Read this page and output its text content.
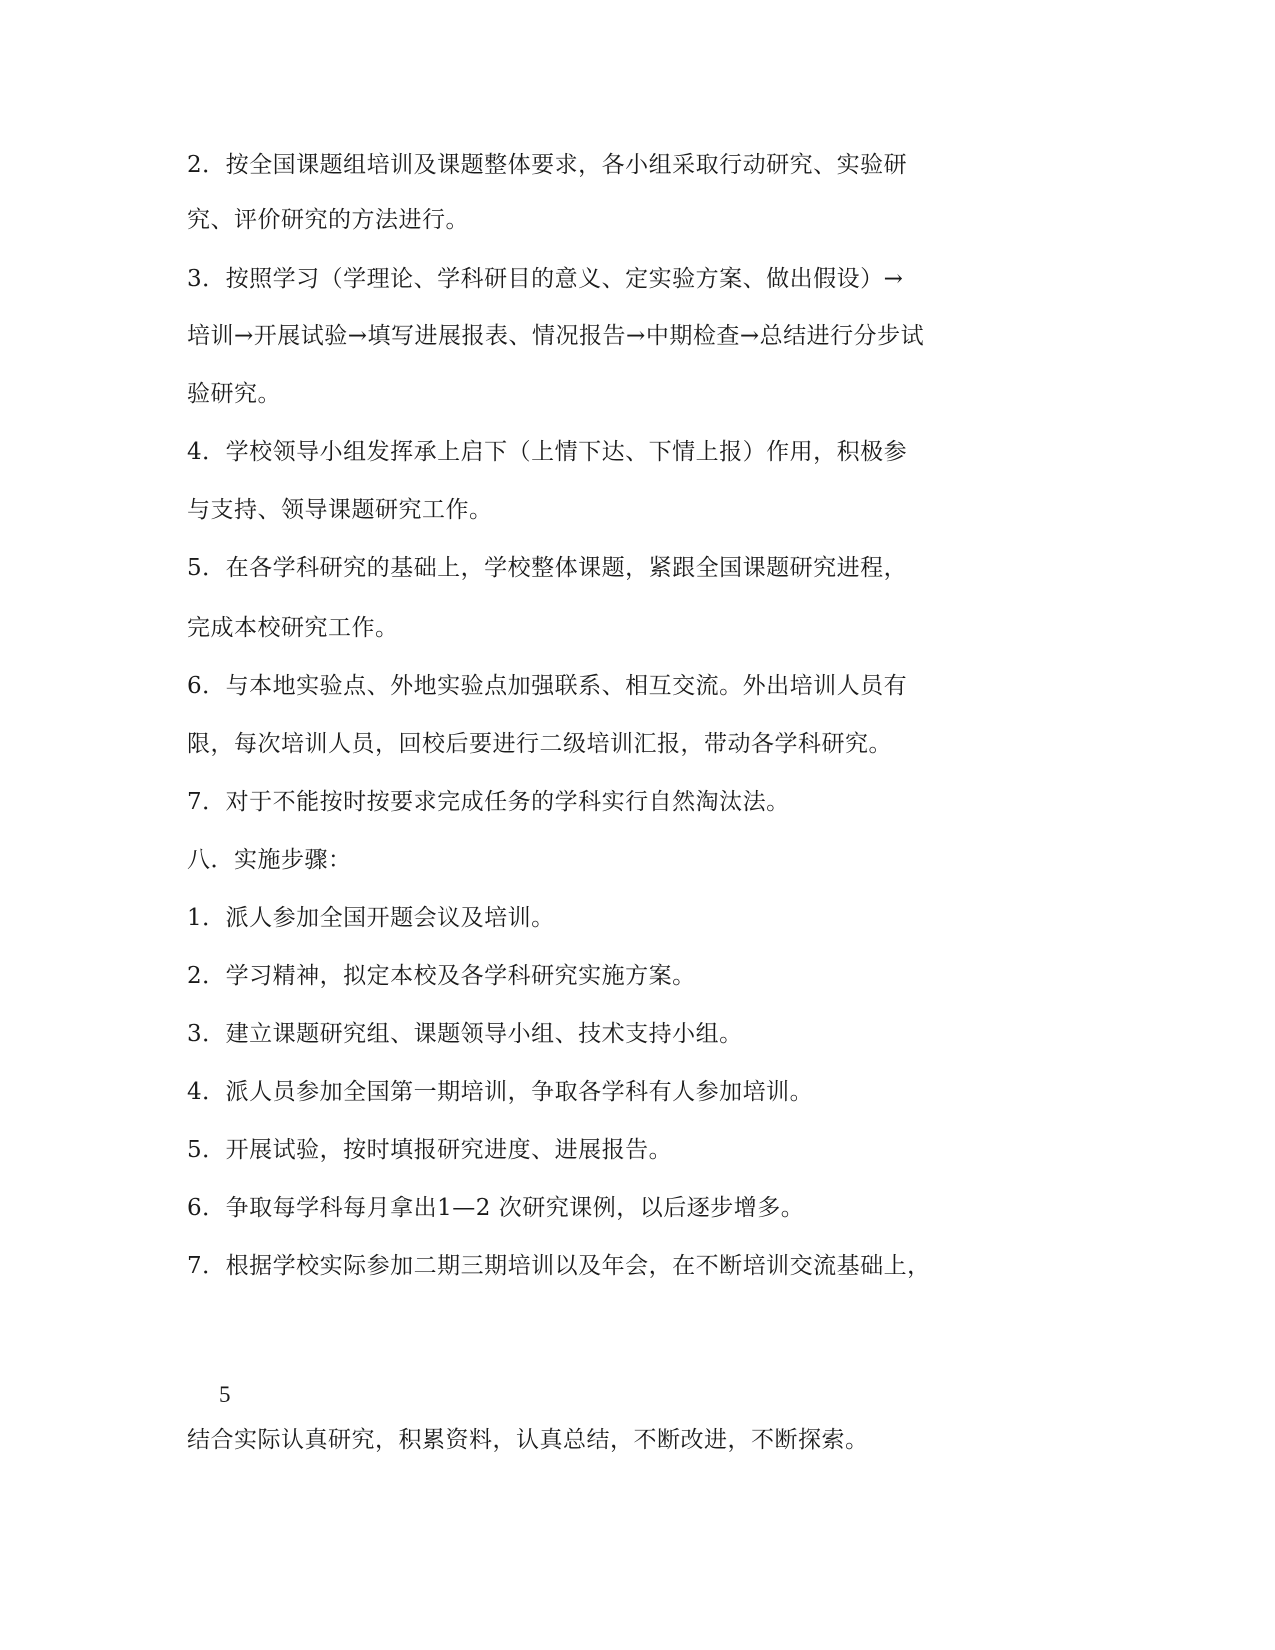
2．按全国课题组培训及课题整体要求，各小组采取行动研究、实验研
究、评价研究的方法进行。
3．按照学习（学理论、学科研目的意义、定实验方案、做出假设）→
培训→开展试验→填写进展报表、情况报告→中期检查→总结进行分步试
验研究。
4．学校领导小组发挥承上启下（上情下达、下情上报）作用，积极参
与支持、领导课题研究工作。
5．在各学科研究的基础上，学校整体课题，紧跟全国课题研究进程，
完成本校研究工作。
6．与本地实验点、外地实验点加强联系、相互交流。外出培训人员有
限，每次培训人员，回校后要进行二级培训汇报，带动各学科研究。
7．对于不能按时按要求完成任务的学科实行自然淘汰法。
八．实施步骤：
1．派人参加全国开题会议及培训。
2．学习精神，拟定本校及各学科研究实施方案。
3．建立课题研究组、课题领导小组、技术支持小组。
4．派人员参加全国第一期培训，争取各学科有人参加培训。
5．开展试验，按时填报研究进度、进展报告。
6．争取每学科每月拿出1—2 次研究课例，以后逐步增多。
7．根据学校实际参加二期三期培训以及年会，在不断培训交流基础上，
5
结合实际认真研究，积累资料，认真总结，不断改进，不断探索。
